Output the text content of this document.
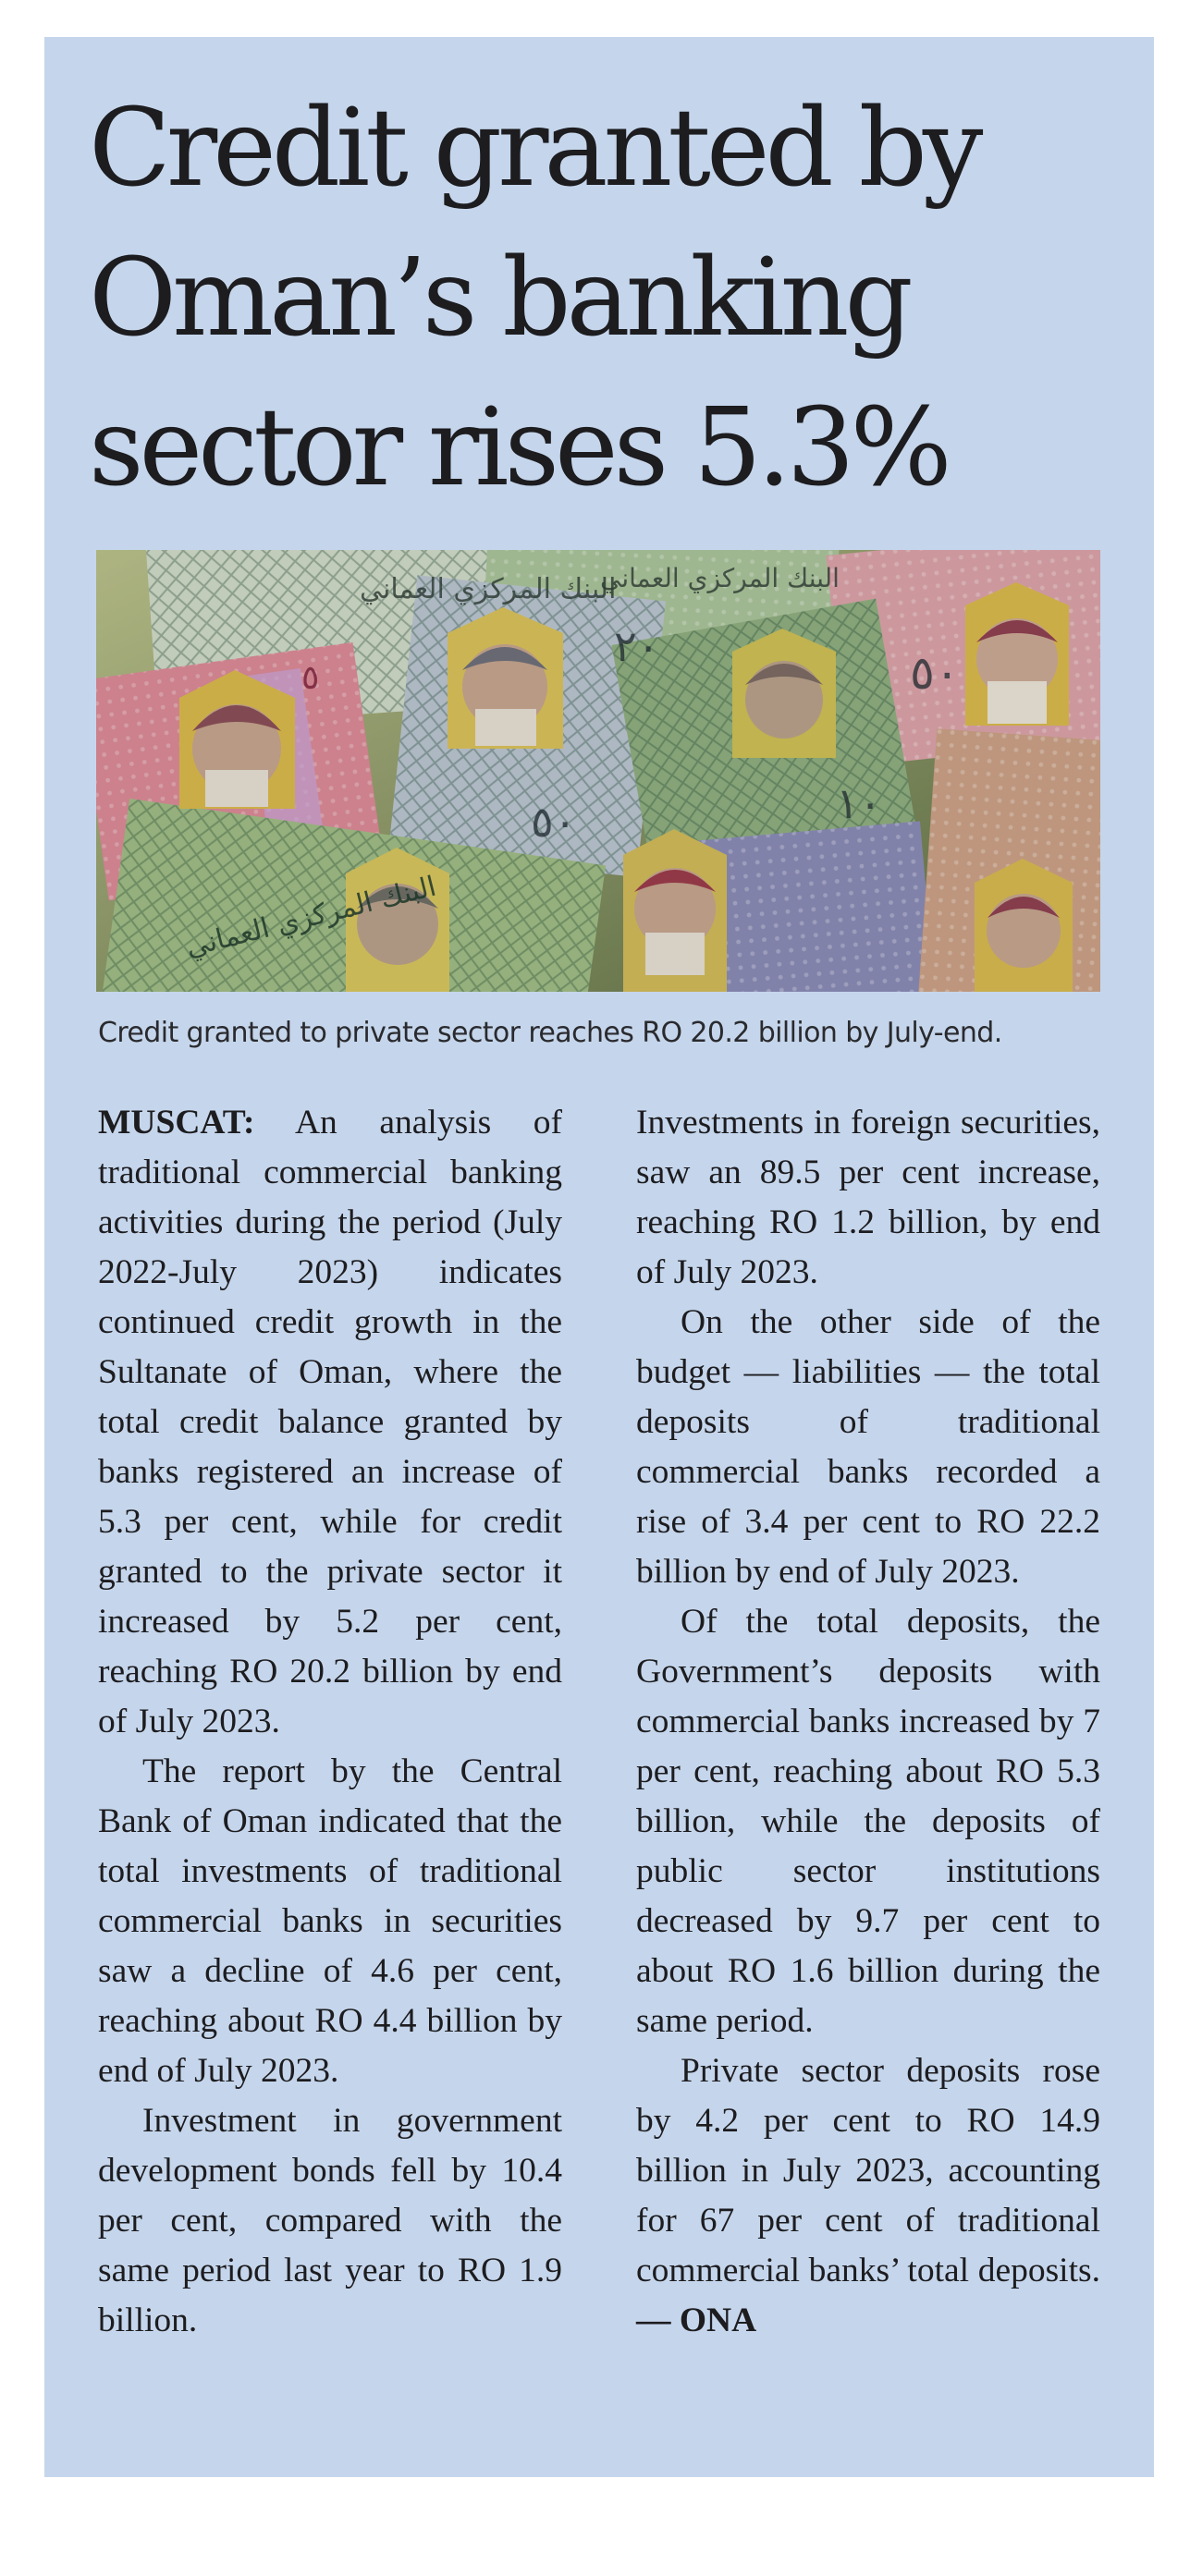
Credit granted by
Oman’s banking
sector rises 5.3%

Credit granted to private sector reaches RO 20.2 billion by July-end.

MUSCAT: An analysis of traditional commercial banking activities during the period (July 2022-July 2023) indicates continued credit growth in the Sultanate of Oman, where the total credit balance granted by banks registered an increase of 5.3 per cent, while for credit granted to the private sector it increased by 5.2 per cent, reaching RO 20.2 billion by end of July 2023.

The report by the Central Bank of Oman indicated that the total investments of traditional commercial banks in securities saw a decline of 4.6 per cent, reaching about RO 4.4 billion by end of July 2023.

Investment in government development bonds fell by 10.4 per cent, compared with the same period last year to RO 1.9 billion.

Investments in foreign securities, saw an 89.5 per cent increase, reaching RO 1.2 billion, by end of July 2023.

On the other side of the budget — liabilities — the total deposits of traditional commercial banks recorded a rise of 3.4 per cent to RO 22.2 billion by end of July 2023.

Of the total deposits, the Government’s deposits with commercial banks increased by 7 per cent, reaching about RO 5.3 billion, while the deposits of public sector institutions decreased by 9.7 per cent to about RO 1.6 billion during the same period.

Private sector deposits rose by 4.2 per cent to RO 14.9 billion in July 2023, accounting for 67 per cent of traditional commercial banks’ total deposits. — ONA
